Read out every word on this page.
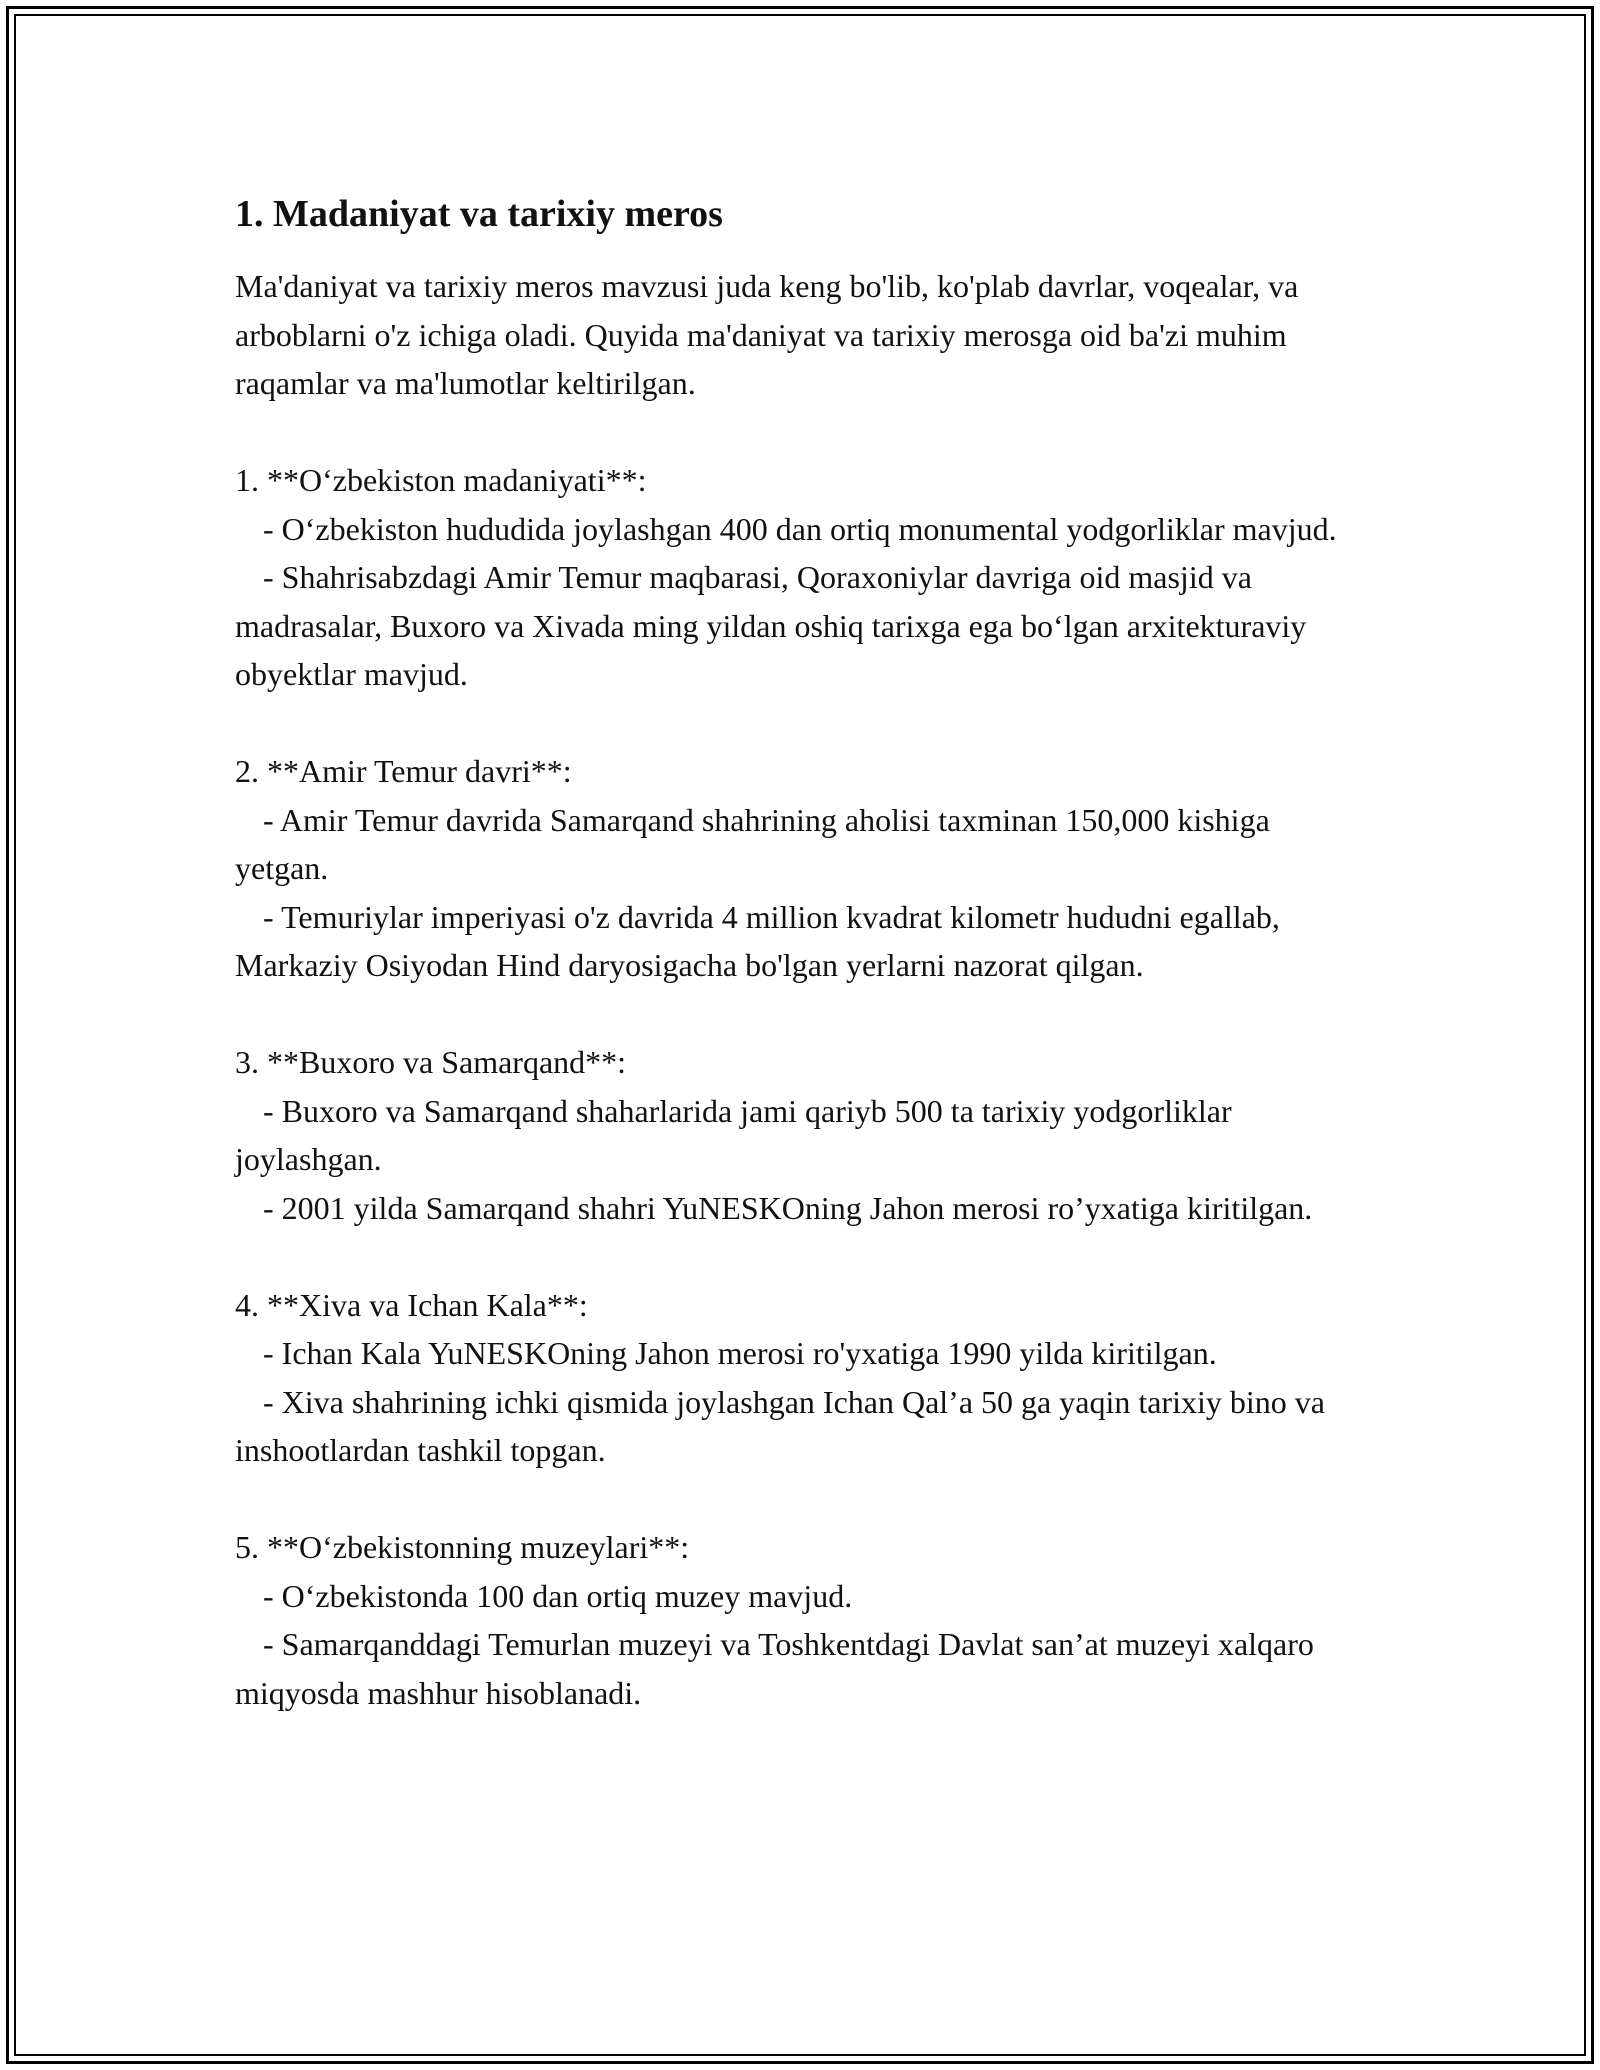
1. Madaniyat va tarixiy meros

Ma'daniyat va tarixiy meros mavzusi juda keng bo'lib, ko'plab davrlar, voqealar, va arboblarni o'z ichiga oladi. Quyida ma'daniyat va tarixiy merosga oid ba'zi muhim raqamlar va ma'lumotlar keltirilgan.

1. **O‘zbekiston madaniyati**:

- O‘zbekiston hududida joylashgan 400 dan ortiq monumental yodgorliklar mavjud.

- Shahrisabzdagi Amir Temur maqbarasi, Qoraxoniylar davriga oid masjid va madrasalar, Buxoro va Xivada ming yildan oshiq tarixga ega bo‘lgan arxitekturaviy obyektlar mavjud.

2. **Amir Temur davri**:

- Amir Temur davrida Samarqand shahrining aholisi taxminan 150,000 kishiga yetgan.

- Temuriylar imperiyasi o'z davrida 4 million kvadrat kilometr hududni egallab, Markaziy Osiyodan Hind daryosigacha bo'lgan yerlarni nazorat qilgan.

3. **Buxoro va Samarqand**:

- Buxoro va Samarqand shaharlarida jami qariyb 500 ta tarixiy yodgorliklar joylashgan.

- 2001 yilda Samarqand shahri YuNESKOning Jahon merosi ro’yxatiga kiritilgan.

4. **Xiva va Ichan Kala**:

- Ichan Kala YuNESKOning Jahon merosi ro'yxatiga 1990 yilda kiritilgan.

- Xiva shahrining ichki qismida joylashgan Ichan Qal’a 50 ga yaqin tarixiy bino va inshootlardan tashkil topgan.

5. **O‘zbekistonning muzeylari**:

- O‘zbekistonda 100 dan ortiq muzey mavjud.

- Samarqanddagi Temurlan muzeyi va Toshkentdagi Davlat san’at muzeyi xalqaro miqyosda mashhur hisoblanadi.
